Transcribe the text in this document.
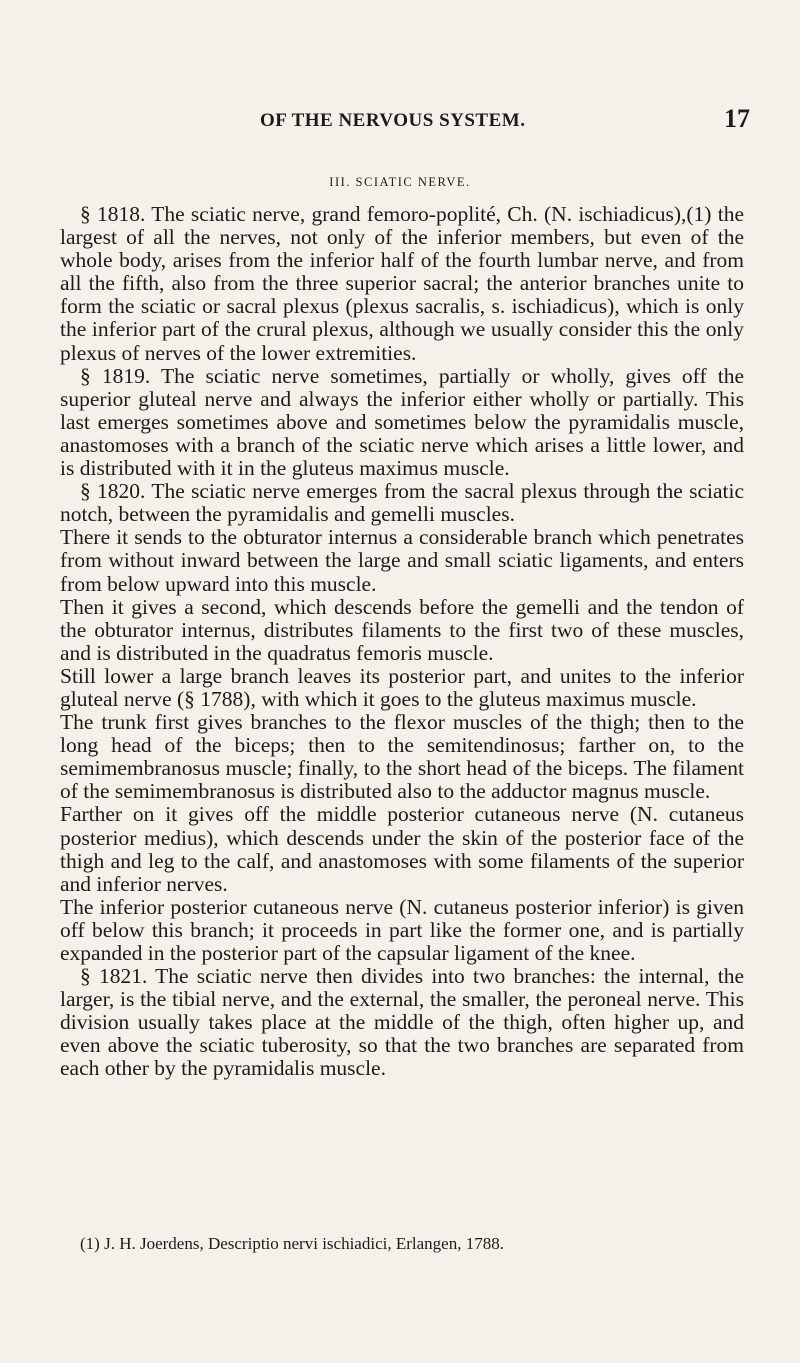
OF THE NERVOUS SYSTEM.	17
III. SCIATIC NERVE.

§ 1818. The sciatic nerve, grand femoro-poplité, Ch. (N. ischiadicus),(1) the largest of all the nerves, not only of the inferior members, but even of the whole body, arises from the inferior half of the fourth lumbar nerve, and from all the fifth, also from the three superior sacral; the anterior branches unite to form the sciatic or sacral plexus (plexus sacralis, s. ischiadicus), which is only the inferior part of the crural plexus, although we usually consider this the only plexus of nerves of the lower extremities.

§ 1819. The sciatic nerve sometimes, partially or wholly, gives off the superior gluteal nerve and always the inferior either wholly or partially. This last emerges sometimes above and sometimes below the pyramidalis muscle, anastomoses with a branch of the sciatic nerve which arises a little lower, and is distributed with it in the gluteus maximus muscle.

§ 1820. The sciatic nerve emerges from the sacral plexus through the sciatic notch, between the pyramidalis and gemelli muscles.

There it sends to the obturator internus a considerable branch which penetrates from without inward between the large and small sciatic ligaments, and enters from below upward into this muscle.

Then it gives a second, which descends before the gemelli and the tendon of the obturator internus, distributes filaments to the first two of these muscles, and is distributed in the quadratus femoris muscle.

Still lower a large branch leaves its posterior part, and unites to the inferior gluteal nerve (§ 1788), with which it goes to the gluteus maximus muscle.

The trunk first gives branches to the flexor muscles of the thigh; then to the long head of the biceps; then to the semitendinosus; farther on, to the semimembranosus muscle; finally, to the short head of the biceps. The filament of the semimembranosus is distributed also to the adductor magnus muscle.

Farther on it gives off the middle posterior cutaneous nerve (N. cutaneus posterior medius), which descends under the skin of the posterior face of the thigh and leg to the calf, and anastomoses with some filaments of the superior and inferior nerves.

The inferior posterior cutaneous nerve (N. cutaneus posterior inferior) is given off below this branch; it proceeds in part like the former one, and is partially expanded in the posterior part of the capsular ligament of the knee.

§ 1821. The sciatic nerve then divides into two branches: the internal, the larger, is the tibial nerve, and the external, the smaller, the peroneal nerve. This division usually takes place at the middle of the thigh, often higher up, and even above the sciatic tuberosity, so that the two branches are separated from each other by the pyramidalis muscle.

(1) J. H. Joerdens, Descriptio nervi ischiadici, Erlangen, 1788.
